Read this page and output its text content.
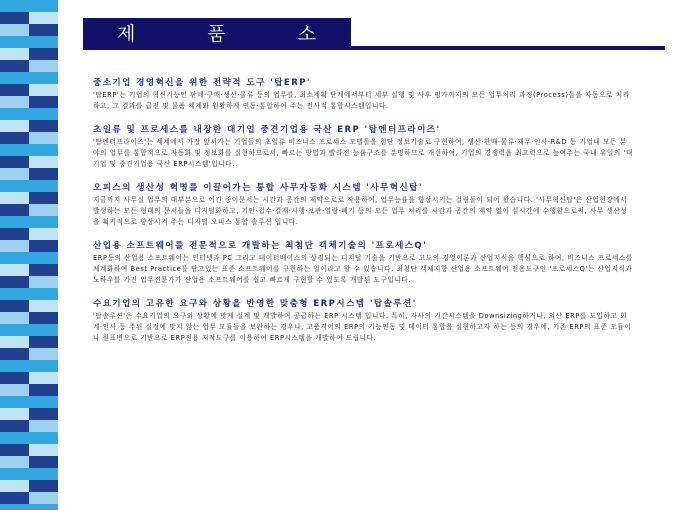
제 품 소 개
중소기업 경영혁신을 위한 전략적 도구 '탑ERP'
'탑ERP'는 기업의 혁신기능인 판매·구매·생산·물류 등의 업무를, 최소계획 단계에서부터 세부 실행 및 사후 평가까지의 모든 업무처리 과정(Process)들을 자동으로 처리하고, 그 결과를 급전 및 물품 체계와 원활하게 연동·통합하여 주는 전사적 통합시스템입니다.
초일류 및 프로세스를 내장한 대기업 중견기업용 국산 ERP '탑엔터프라이즈'
'탑엔터프라이즈'는 세계에서 가장 앞서가는 기업들의 초일류 비즈니스 프로세스 모델들을 첨단 정보기술로 구현하여, 생산·판매·물류·재무·인사·R&D 등 기업내 모든 분야의 업무를 통합적으로 자동화 및 정보화를 실현하므로서, 빠르는 방법과 빨라진 능률구조를 분명하므로 개선하여, 기업의 경쟁력을 최고력으로 높여주는 국내 유일의 '대기업 및 중견기업용 국산 ERP시스템'입니다.
오피스의 생산성 혁명를 이끌어가는 통합 사무자동화 시스템 '사무혁신탑'
지금까지 사무실 업무의 대부분으로 어긴 종이문서는 시간과 공간의 제약으로로 작용하여, 업무능률을 향상시키는 걸림돌이 되어 왔습니다. '사무혁신탑'은 산업현장에서 발생하는 모든 형태의 문서들을 디지털화하고, 기안·접수·결재·시행·보관·열람·폐기 등의 모든 업무 처리를 시간과 공간의 제약 없이 실시간에 수행함으로써, 사무 생산성을 획기적으로 향상시켜 주는 디지털 오피스 통합 솔루션 입니다.
산업용 소프트웨어를 전문적으로 개발하는 최첨단 객체기술의 '프로세스Q'
ERP등의 산업용 소프트웨어는 인터넷과 PC 그리고 데이터베이스의 상징되는 디지털 기술을 기반으로 고도의 경영이론과 산업지식을 핵심으로 하여, 비즈니스 프로세스를 체계화하여 Best Practice를 담고있는 표준 소프트웨어를 구현하는 일이라고 할 수 있습니다. 최첨단 객체지향 산업용 소프트웨어 전용도구인 '프로세스Q'는 산업지식과 노하우를 가진 업무전문가가 산업용 소프트웨어를 쉽고 빠르게 구현할 수 있도록 개발된 도구입니다.
수요기업의 고유한 요구와 상황을 반영한 맞춤형 ERP시스템 '탑솔루션'
'탑솔루션'은 수요기업의 요구와 상황에 맞게 설계 및 개발하여 공급하는 ERP 시스템 입니다. 특히, 자사의 기간시스템을 Downsizing하거나, 외산 ERP를 도입하고 회계·인사 등 주된 실정에 맞지 않는 업무 모듈들을 보완하는 경우나, 고품격이의 ERP의 기능연동 및 데이터 통합을 실현하고자 하는 등의 경우에, 기존 ERP의 표준 모듈이나 원표변으로 기반으로 ERP전용 저작도구를 이용하여 ERP시스템을 개발하여 드립니다.
